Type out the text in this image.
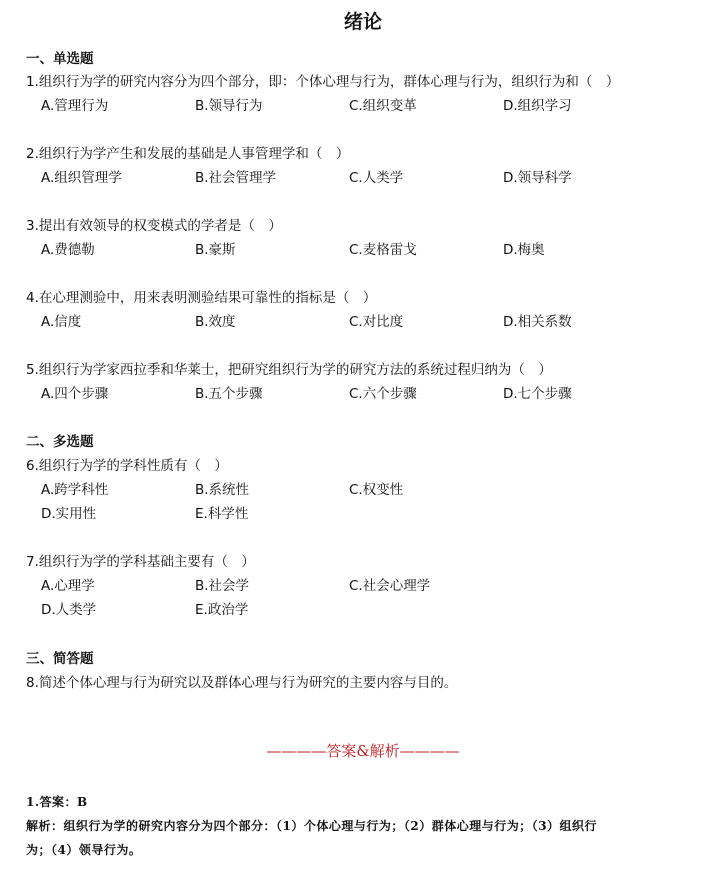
绪论
一、单选题
1.组织行为学的研究内容分为四个部分，即：个体心理与行为，群体心理与行为，组织行为和（　）
A.管理行为	B.领导行为	C.组织变革	D.组织学习
2.组织行为学产生和发展的基础是人事管理学和（　）
A.组织管理学	B.社会管理学	C.人类学	D.领导科学
3.提出有效领导的权变模式的学者是（　）
A.费德勒	B.豪斯	C.麦格雷戈	D.梅奥
4.在心理测验中，用来表明测验结果可靠性的指标是（　）
A.信度	B.效度	C.对比度	D.相关系数
5.组织行为学家西拉季和华莱士，把研究组织行为学的研究方法的系统过程归纳为（　）
A.四个步骤	B.五个步骤	C.六个步骤	D.七个步骤
二、多选题
6.组织行为学的学科性质有（　）
A.跨学科性	B.系统性	C.权变性
D.实用性	E.科学性
7.组织行为学的学科基础主要有（　）
A.心理学	B.社会学	C.社会心理学
D.人类学	E.政治学
三、简答题
8.简述个体心理与行为研究以及群体心理与行为研究的主要内容与目的。
————答案&解析————
1.答案：B
解析：组织行为学的研究内容分为四个部分：（1）个体心理与行为；（2）群体心理与行为；（3）组织行
为；（4）领导行为。
